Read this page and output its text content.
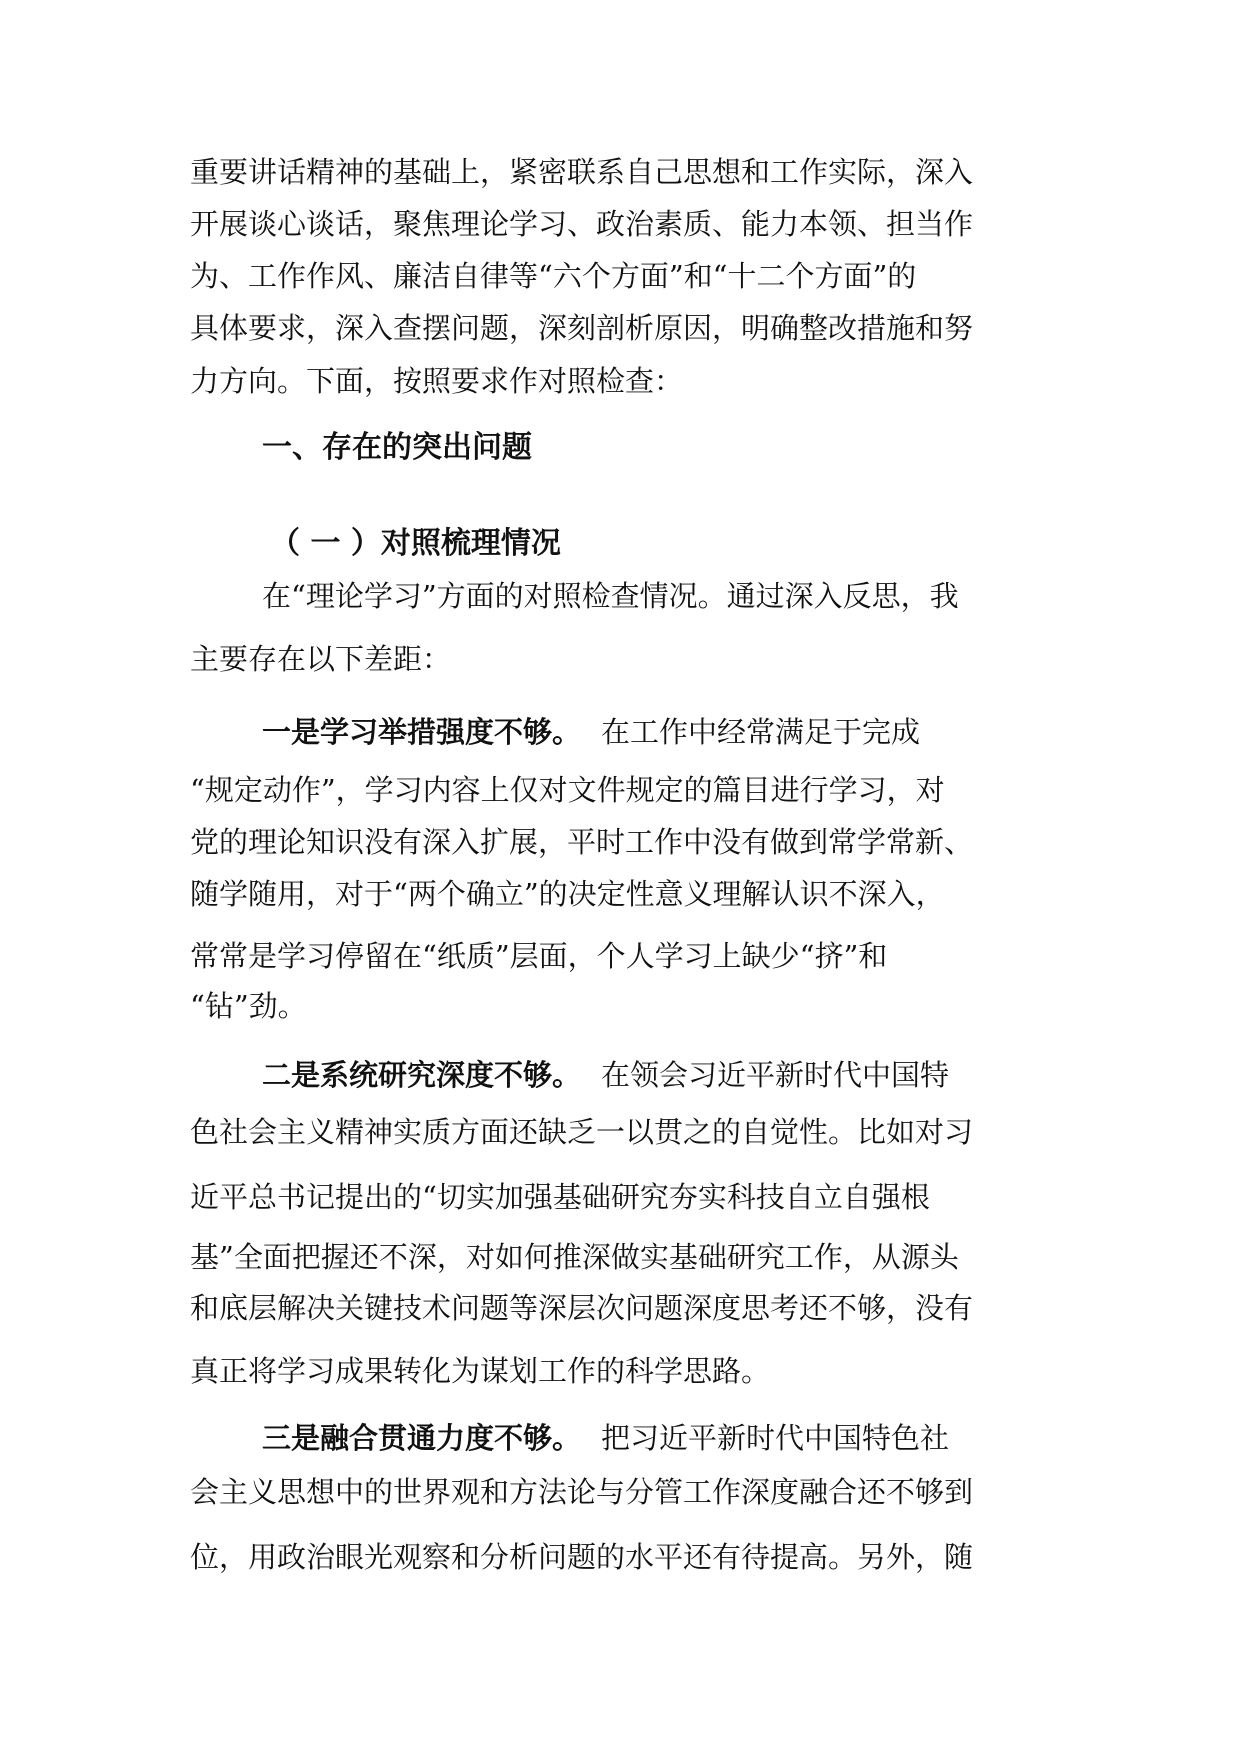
重要讲话精神的基础上，紧密联系自己思想和工作实际，深入
开展谈心谈话，聚焦理论学习、政治素质、能力本领、担当作
为、工作作风、廉洁自律等“六个方面”和“十二个方面”的
具体要求，深入查摆问题，深刻剖析原因，明确整改措施和努
力方向。下面，按照要求作对照检查：
一、存在的突出问题
（ 一 ）对照梳理情况
在“理论学习”方面的对照检查情况。通过深入反思，我
主要存在以下差距：
一是学习举措强度不够。 在工作中经常满足于完成
“规定动作”，学习内容上仅对文件规定的篇目进行学习，对
党的理论知识没有深入扩展，平时工作中没有做到常学常新、
随学随用，对于“两个确立”的决定性意义理解认识不深入，
常常是学习停留在“纸质”层面，个人学习上缺少“挤”和
“钻”劲。
二是系统研究深度不够。 在领会习近平新时代中国特
色社会主义精神实质方面还缺乏一以贯之的自觉性。比如对习
近平总书记提出的“切实加强基础研究夯实科技自立自强根
基”全面把握还不深，对如何推深做实基础研究工作，从源头
和底层解决关键技术问题等深层次问题深度思考还不够，没有
真正将学习成果转化为谋划工作的科学思路。
三是融合贯通力度不够。 把习近平新时代中国特色社
会主义思想中的世界观和方法论与分管工作深度融合还不够到
位，用政治眼光观察和分析问题的水平还有待提高。另外，随
